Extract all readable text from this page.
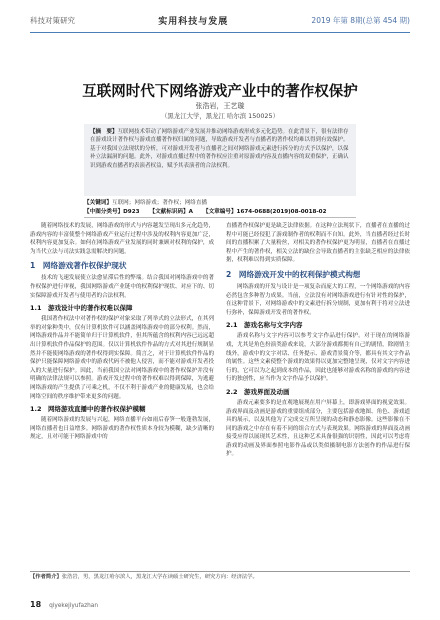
科技对策研究	实用科技与发展	2019 年第 8期(总第 454 期)
互联网时代下网络游戏产业中的著作权保护
张浩岩，王艺璇
（黑龙江大学，黑龙江 哈尔滨 150025）
【摘　要】互联网技术带动了网络游戏产业发展并推动网络游戏形成多元化趋势。在此背景下，很有法律存在游戏设计著作权与游戏直播著作权归属的问题，导致游戏开发者与直播者的著作权均难以得到有效保护。基于对我国立法现状的分析，可对游戏开发者与直播者之间对网络游戏元素进行拆分的方式予以保护，以保补立法漏洞的问题。此外，对游戏直播过程中的著作权应注重对原游戏内容及直播内容的双重保护，正确认识到游戏直播者的表演者权益，赋予其表演者的合法权利。
【关键词】互联网；网络游戏；著作权；网络直播
【中图分类号】D923 【文献标识码】A 【文章编号】1674-0688(2019)08-0018-02
随着网络技术的发展，网络游戏的形式与内容越发呈现出多元化趋势，游戏内容的丰富使整个网络游戏产业运行过程中涉及的权利内容更加广泛，权利内容更加复杂。如何在网络游戏产业发展的同时兼顾对权利的保护，成为当代立法与司法实践急需解决的问题。
1　网络游戏著作权保护现状
技术的飞速发展使立法愈显滞后性的弊端。结合我国对网络游戏中的著作权保护进行审视，我国网络游戏产业链中的权利保护现状、对应下的、切实保障游戏开发者与使用者的合法权利。
1.1　游戏设计中的著作权难以保障
我国著作权法中对著作权的保护对象采取了列举式的立法形式，在其列举的对象种类中，仅有计算机软件可以涵盖网络游戏中的部分权利。然而，网络游戏作品并不能简单归于计算机软件，但其所蕴含的权利内容已远远超出计算机软件作品保护的范围。仅以计算机软件作品的方式对其进行规制显然并不能使网络游戏的著作权得到实保障。简言之，对于计算机软件作品的保护只能保障网络游戏中的游戏代码不被他人侵害，而不能对游戏开发者投入的大量进行保护。因此，当前我国立法对网络游戏中的著作权保护并没有明确的法律法规可以参照。游戏开发过程中的著作权难以得到保障，为逃避网络游戏的产生提供了可乘之机，不仅不利于游戏产业的健康发展，也会给网络空间的秩序维护带来更多的问题。
1.2　网络游戏直播中的著作权保护模糊
随着网络游戏的发展与兴起，网络直播平台如雨后春笋一般蓬勃发展，网络直播者也日益增多。网络游戏的著作权性质本身较为模糊，缺少清晰的规定，且对可能于网络游戏中的
直播著作权保护更是缺乏法律依据。在这种立法现状下，直播者在直播的过程中可能已经侵犯了游戏制作者的权利而不自知。此外，当直播者经过长时间的直播积累了大量粉丝，对相关的著作权保护更为明显，直播者在直播过程中产生的著作权，相关立法的缺位会导致直播者的主张缺乏相应的法律依据，权利难以得到实质保障。
2　网络游戏开发中的权利保护模式构想
网络游戏的开发与设计是一项复杂而庞大的工程，一个网络游戏的内容必然包含多种智力成果。当前，立法没有对网络游戏进行有针对性的保护，在这种背景下，对网络游戏中的文素进行拆分规制，更加有利于将对立法进行弥补，保障游戏开发者的著作权。
2.1　游戏名称与文字内容
游戏名称与文字内容可以参考文字作品进行保护。对于现在的网络游戏，尤其是角色扮演类游戏来说，大部分游戏都拥有自己的剧情，除剧情主线外，游戏中的文字对话、任务提示、游戏背景简介等，都具有其文字作品的属性。这些文素使整个游戏的效果得以更加完整地呈现，仅对文字内容进行的，它可以为之起到成本的作品，因此也能够对游戏名称的游戏的内容进行的独创性，应当作为文字作品予以保护。
2.2　游戏界面及动画
游戏元素要多的是直观地展现在用户屏幕上，即游戏界面的视觉效果。游戏界面及动画是游戏的重要组成部分，主要包括游戏地图、角色、游戏道具的展示，以及其他为了完成交互所呈现的动态和静态影像。这些影像在不同的游戏之中存在有着不同的组合方式与表现效果。网络游戏的界面及动画接受应得以展现其艺术性，且这种艺术具备很强的识别性，因此可以考虑将游戏的动画及界面参照电影作品或以类似摄制电影方法创作的作品进行保护。
【作者简介】张浩岩，男，黑龙江哈尔滨人，黑龙江大学在读硕士研究生，研究方向：经济法学。
18 qiyekejiyufazhan
